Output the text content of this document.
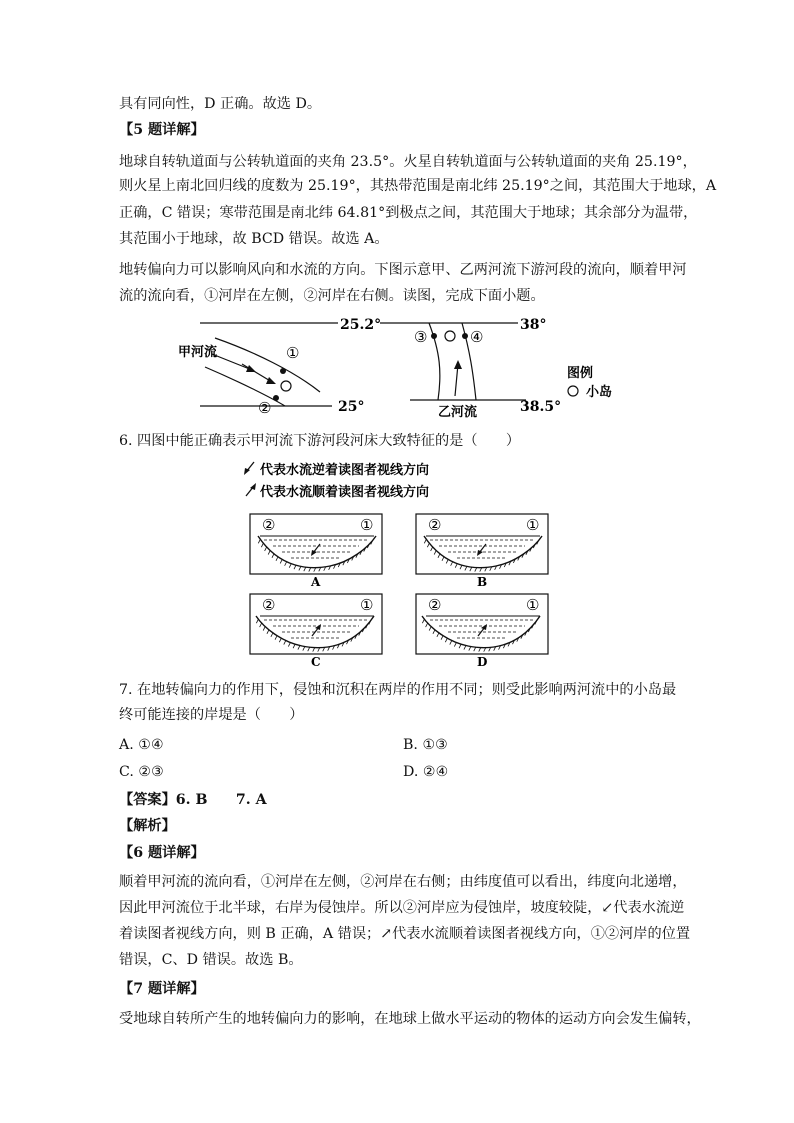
具有同向性，D 正确。故选 D。
【5 题详解】
地球自转轨道面与公转轨道面的夹角 23.5°。火星自转轨道面与公转轨道面的夹角 25.19°，
则火星上南北回归线的度数为 25.19°，其热带范围是南北纬 25.19°之间，其范围大于地球，A
正确，C 错误；寒带范围是南北纬 64.81°到极点之间，其范围大于地球；其余部分为温带，
其范围小于地球，故 BCD 错误。故选 A。
地转偏向力可以影响风向和水流的方向。下图示意甲、乙两河流下游河段的流向，顺着甲河
流的流向看，①河岸在左侧，②河岸在右侧。读图，完成下面小题。
25.2°
25°
甲河流	①
②
38°
38.5°
③	④
乙河流
图例
小岛
6. 四图中能正确表示甲河流下游河段河床大致特征的是（　　）
代表水流逆着读图者视线方向
代表水流顺着读图者视线方向
②	①
A
②	①
B
②	①
C
②	①
D
7. 在地转偏向力的作用下，侵蚀和沉积在两岸的作用不同；则受此影响两河流中的小岛最
终可能连接的岸堤是（　　）
A. ①④	B. ①③
C. ②③	D. ②④
【答案】6. B　　7. A
【解析】
【6 题详解】
顺着甲河流的流向看，①河岸在左侧，②河岸在右侧；由纬度值可以看出，纬度向北递增，
因此甲河流位于北半球，右岸为侵蚀岸。所以②河岸应为侵蚀岸，坡度较陡，↙代表水流逆
着读图者视线方向，则 B 正确，A 错误；↗代表水流顺着读图者视线方向，①②河岸的位置
错误，C、D 错误。故选 B。
【7 题详解】
受地球自转所产生的地转偏向力的影响，在地球上做水平运动的物体的运动方向会发生偏转，
